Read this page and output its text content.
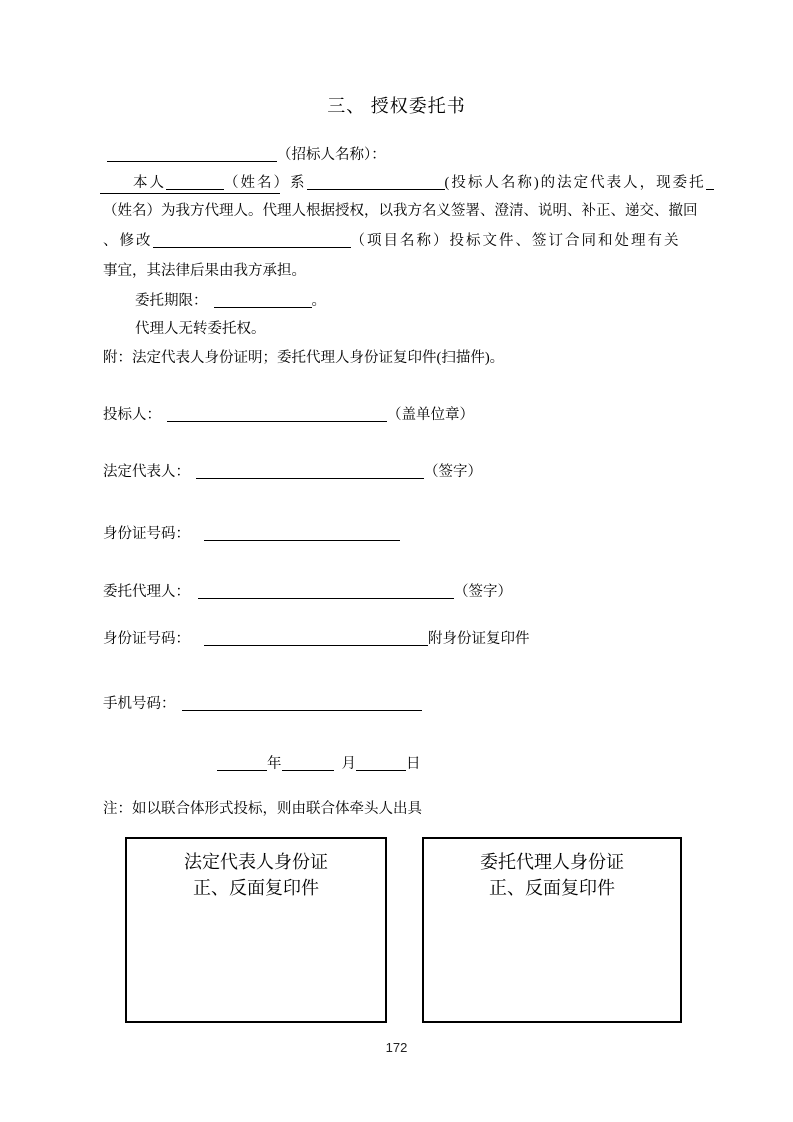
三、 授权委托书
（招标人名称）：
本人	（姓名）系	(投标人名称)的法定代表人，现委托
（姓名）为我方代理人。代理人根据授权，以我方名义签署、澄清、说明、补正、递交、撤回
、修改	（项目名称）投标文件、签订合同和处理有关
事宜，其法律后果由我方承担。
委托期限：	。
代理人无转委托权。
附：法定代表人身份证明；委托代理人身份证复印件(扫描件)。
投标人：	（盖单位章）
法定代表人：	（签字）
身份证号码：
委托代理人：	（签字）
身份证号码：	附身份证复印件
手机号码：
年	月	日
注：如以联合体形式投标，则由联合体牵头人出具
法定代表人身份证
正、反面复印件
委托代理人身份证
正、反面复印件
172
